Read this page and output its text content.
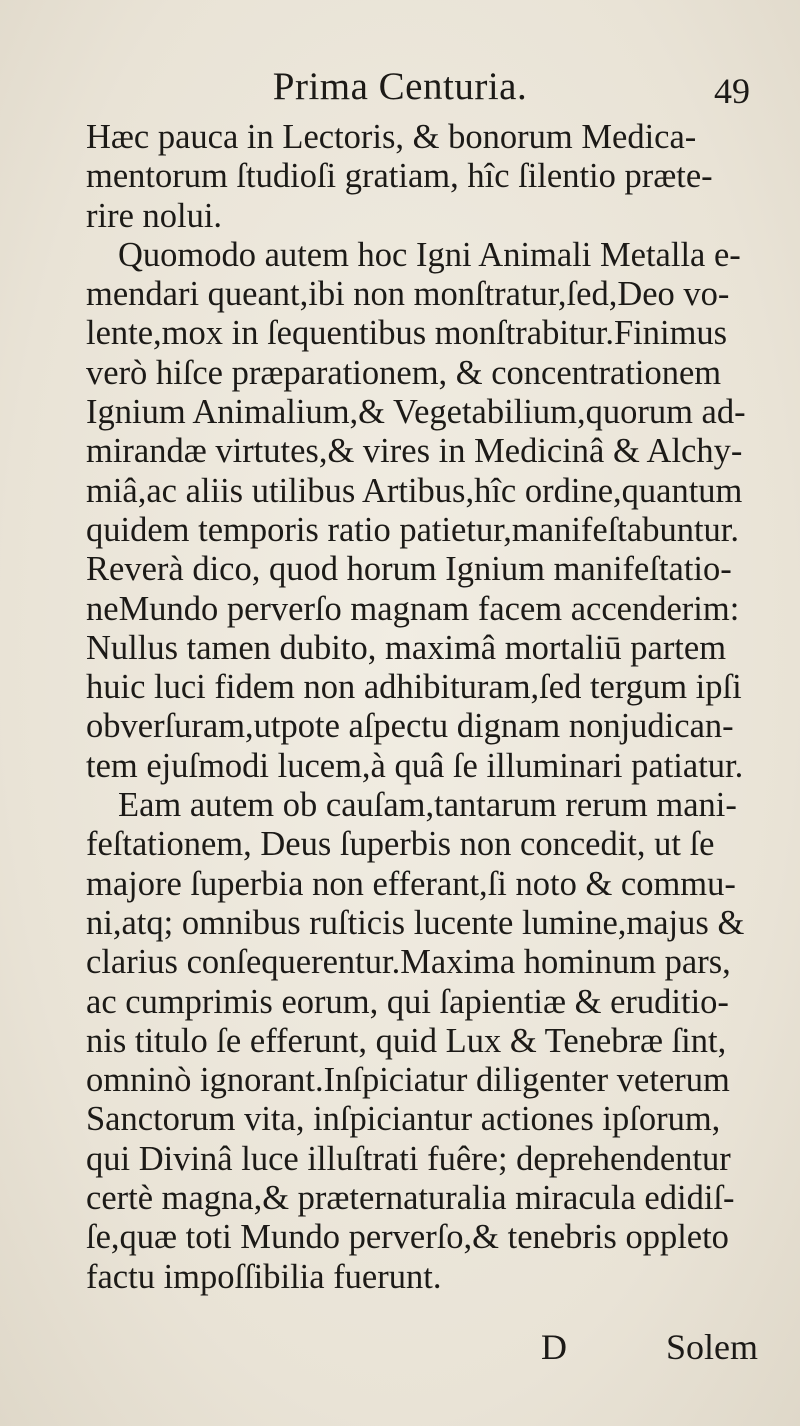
Prima Centuria.	49
Hæc pauca in Lectoris, & bonorum Medica-
mentorum ſtudioſi gratiam, hîc ſilentio præte-
rire nolui.
Quomodo autem hoc Igni Animali Metalla e-
mendari queant,ibi non monſtratur,ſed,Deo vo-
lente,mox in ſequentibus monſtrabitur.Finimus
verò hiſce præparationem, & concentrationem
Ignium Animalium,& Vegetabilium,quorum ad-
mirandæ virtutes,& vires in Medicinâ & Alchy-
miâ,ac aliis utilibus Artibus,hîc ordine,quantum
quidem temporis ratio patietur,manifeſtabuntur.
Reverà dico, quod horum Ignium manifeſtatio-
neMundo perverſo magnam facem accenderim:
Nullus tamen dubito, maximâ mortaliū partem
huic luci fidem non adhibituram,ſed tergum ipſi
obverſuram,utpote aſpectu dignam nonjudican-
tem ejuſmodi lucem,à quâ ſe illuminari patiatur.
Eam autem ob cauſam,tantarum rerum mani-
feſtationem, Deus ſuperbis non concedit, ut ſe
majore ſuperbia non efferant,ſi noto & commu-
ni,atq; omnibus ruſticis lucente lumine,majus &
clarius conſequerentur.Maxima hominum pars,
ac cumprimis eorum, qui ſapientiæ & eruditio-
nis titulo ſe efferunt, quid Lux & Tenebræ ſint,
omninò ignorant.Inſpiciatur diligenter veterum
Sanctorum vita, inſpiciantur actiones ipſorum,
qui Divinâ luce illuſtrati fuêre; deprehendentur
certè magna,& præternaturalia miracula edidiſ-
ſe,quæ toti Mundo perverſo,& tenebris oppleto
factu impoſſibilia fuerunt.
D	Solem
